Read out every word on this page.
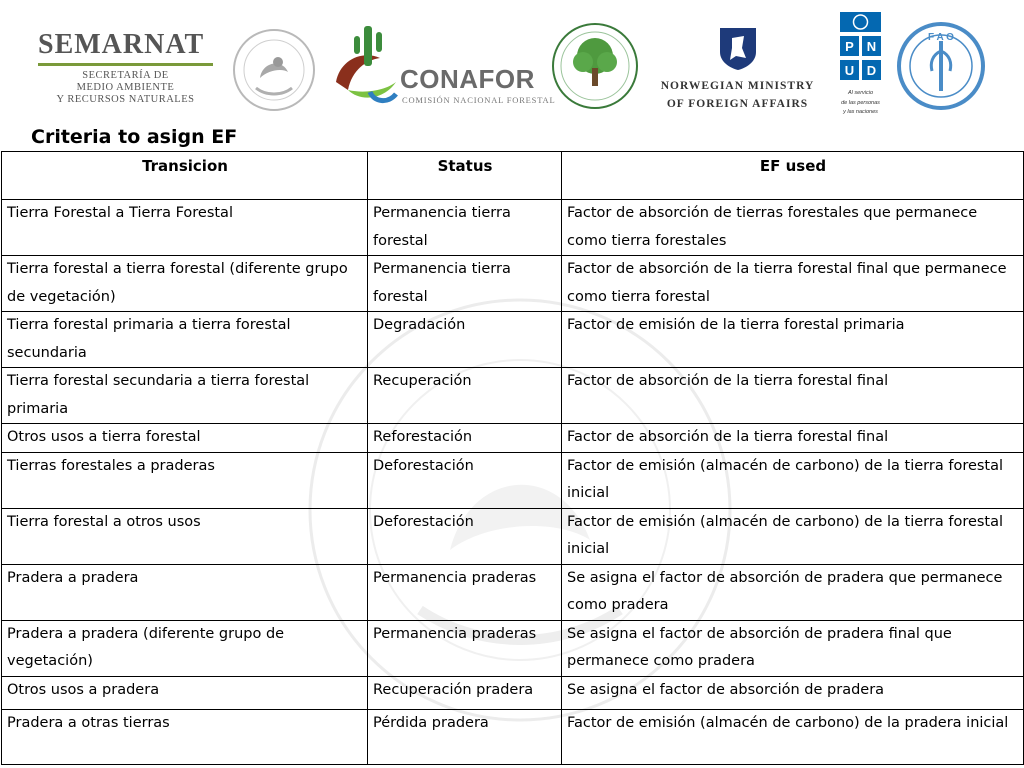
SEMARNAT
SECRETARÍA DE
MEDIO AMBIENTE
Y RECURSOS NATURALES
CONAFOR
COMISIÓN NACIONAL FORESTAL
NORWEGIAN MINISTRY
OF FOREIGN AFFAIRS
P N
U D
Al servicio
de las personas
y las naciones
F A O
Criteria to asign EF
Transicion	Status	EF used
Tierra Forestal a Tierra Forestal	Permanencia tierra forestal	Factor de absorción de tierras forestales que permanece como tierra forestales
Tierra forestal a tierra forestal (diferente grupo de vegetación)	Permanencia tierra forestal	Factor de absorción de la tierra forestal final que permanece como tierra forestal
Tierra forestal primaria a tierra forestal secundaria	Degradación	Factor de emisión de la tierra forestal primaria
Tierra forestal secundaria a tierra forestal primaria	Recuperación	Factor de absorción de la tierra forestal final
Otros usos a tierra forestal	Reforestación	Factor de absorción de la tierra forestal final
Tierras forestales a praderas	Deforestación	Factor de emisión (almacén de carbono) de la tierra forestal inicial
Tierra forestal a otros usos	Deforestación	Factor de emisión (almacén de carbono) de la tierra forestal inicial
Pradera a pradera	Permanencia praderas	Se asigna el factor de absorción de pradera que permanece como pradera
Pradera a pradera (diferente grupo de vegetación)	Permanencia praderas	Se asigna el factor de absorción de pradera final que permanece como pradera
Otros usos a pradera	Recuperación pradera	Se asigna el factor de absorción de pradera
Pradera a otras tierras	Pérdida pradera	Factor de emisión (almacén de carbono) de la pradera inicial
